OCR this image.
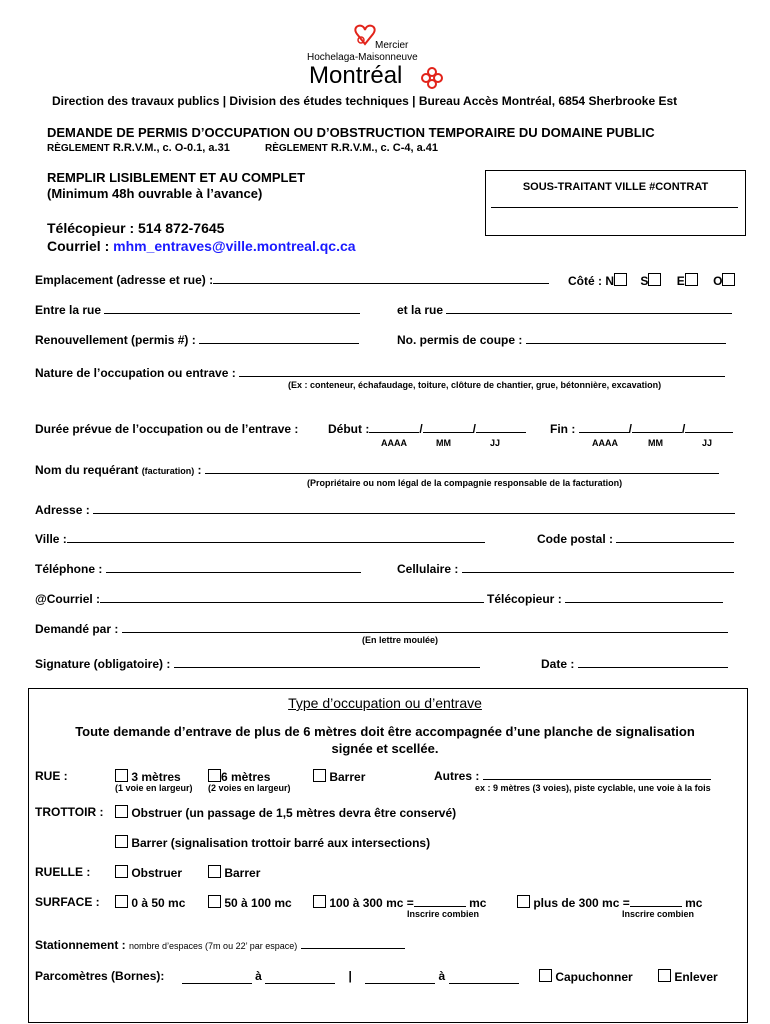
Mercier
Hochelaga-Maisonneuve
Montréal
Direction des travaux publics | Division des études techniques | Bureau Accès Montréal, 6854 Sherbrooke Est
DEMANDE DE PERMIS D’OCCUPATION OU D’OBSTRUCTION TEMPORAIRE DU DOMAINE PUBLIC
RÈGLEMENT R.R.V.M., c. O-0.1, a.31	RÈGLEMENT R.R.V.M., c. C-4, a.41
REMPLIR LISIBLEMENT ET AU COMPLET
(Minimum 48h ouvrable à l’avance)
Télécopieur : 514 872-7645
Courriel : mhm_entraves@ville.montreal.qc.ca
SOUS-TRAITANT VILLE #CONTRAT
Emplacement (adresse et rue) :	Côté : N S E O
Entre la rue	et la rue
Renouvellement (permis #) :	No. permis de coupe :
Nature de l’occupation ou entrave :
(Ex : conteneur, échafaudage, toiture, clôture de chantier, grue, bétonnière, excavation)
Durée prévue de l’occupation ou de l’entrave : Début :	/	/
AAAA	MM	JJ
Fin :	/	/
AAAA	MM	JJ
Nom du requérant (facturation) :
(Propriétaire ou nom légal de la compagnie responsable de la facturation)
Adresse :
Ville :	Code postal :
Téléphone :	Cellulaire :
@Courriel :	Télécopieur :
Demandé par :
(En lettre moulée)
Signature (obligatoire) :	Date :
Type d’occupation ou d’entrave
Toute demande d’entrave de plus de 6 mètres doit être accompagnée d’une planche de signalisation
signée et scellée.
RUE :	3 mètres
(1 voie en largeur)
6 mètres
(2 voies en largeur)
Barrer	Autres :
ex : 9 mètres (3 voies), piste cyclable, une voie à la fois
TROTTOIR :	Obstruer (un passage de 1,5 mètres devra être conservé)
Barrer (signalisation trottoir barré aux intersections)
RUELLE :	Obstruer	Barrer
SURFACE :	0 à 50 mc	50 à 100 mc	100 à 300 mc =	mc
Inscrire combien
plus de 300 mc =	mc
Inscrire combien
Stationnement : nombre d’espaces (7m ou 22’ par espace)
Parcomètres (Bornes):	à	|	à	Capuchonner	Enlever
